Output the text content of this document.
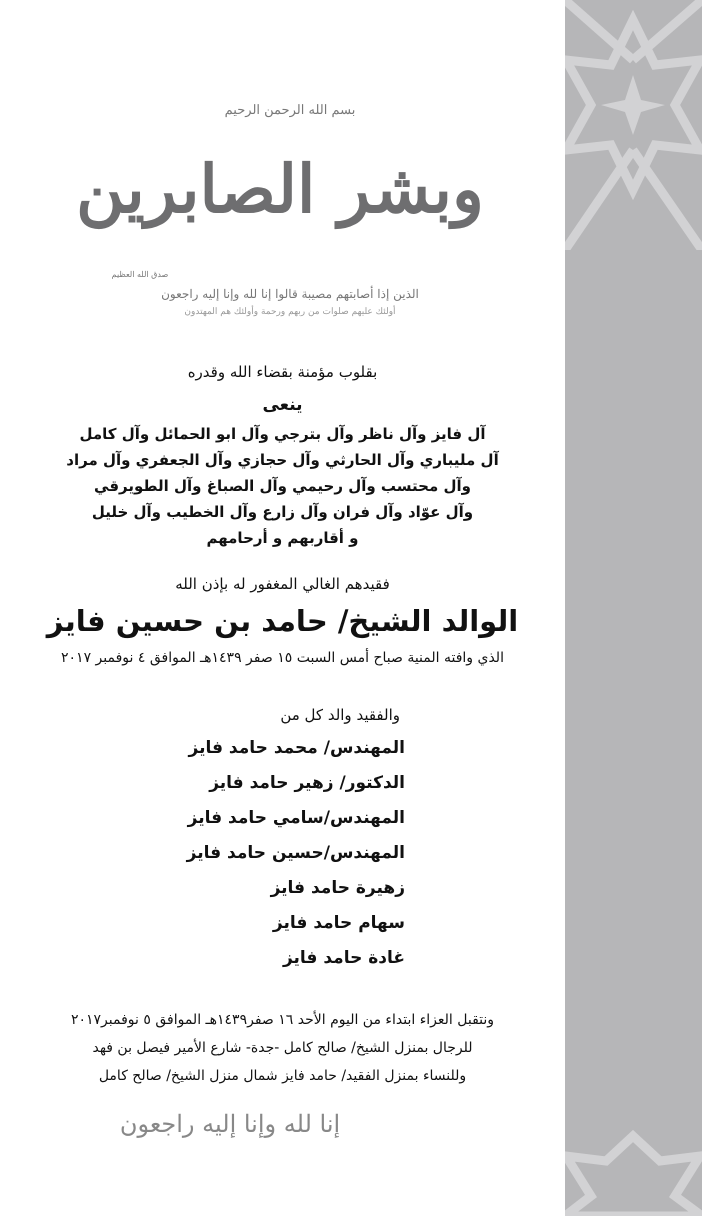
بسم الله الرحمن الرحيم
وبشر الصابرين
صدق الله العظيم
الذين إذا أصابتهم مصيبة قالوا إنا لله وإنا إليه راجعون
أولئك عليهم صلوات من ربهم ورحمة وأولئك هم المهتدون
بقلوب مؤمنة بقضاء الله وقدره
ينعى
آل فايز وآل ناظر وآل بترجي وآل ابو الحمائل وآل كامل
آل مليباري وآل الحارثي وآل حجازي وآل الجعفري وآل مراد
وآل محتسب وآل رحيمي وآل الصباغ وآل الطويرقي
وآل عوّاد وآل فران وآل زارع وآل الخطيب وآل خليل
و أقاربهم و أرحامهم
فقيدهم الغالي المغفور له بإذن الله
الوالد الشيخ/ حامد بن حسين فايز
الذي وافته المنية صباح أمس السبت ١٥ صفر ١٤٣٩هـ الموافق ٤ نوفمبر ٢٠١٧
والفقيد والد كل من
المهندس/ محمد حامد فايز
الدكتور/ زهير حامد فايز
المهندس/سامي حامد فايز
المهندس/حسين حامد فايز
زهيرة حامد فايز
سهام حامد فايز
غادة حامد فايز
ونتقبل العزاء ابتداء من اليوم الأحد ١٦ صفر١٤٣٩هـ الموافق ٥ نوفمبر٢٠١٧
للرجال بمنزل الشيخ/ صالح كامل -جدة- شارع الأمير فيصل بن فهد
وللنساء بمنزل الفقيد/ حامد فايز شمال منزل الشيخ/ صالح كامل
إنا لله وإنا إليه راجعون
